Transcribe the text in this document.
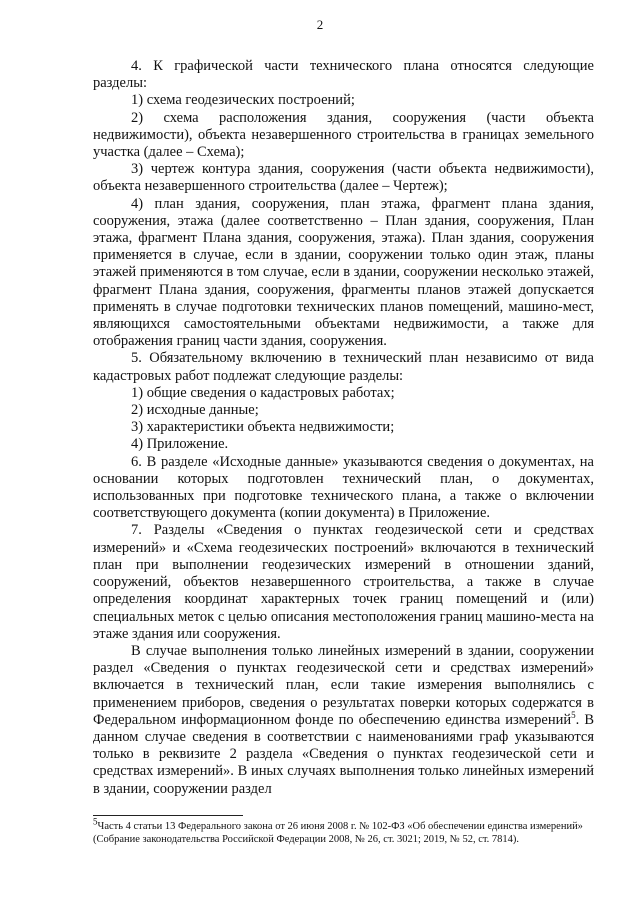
2

4. К графической части технического плана относятся следующие разделы:

1) схема геодезических построений;

2) схема расположения здания, сооружения (части объекта недвижимости), объекта незавершенного строительства в границах земельного участка (далее – Схема);

3) чертеж контура здания, сооружения (части объекта недвижимости), объекта незавершенного строительства (далее – Чертеж);

4) план здания, сооружения, план этажа, фрагмент плана здания, сооружения, этажа (далее соответственно – План здания, сооружения, План этажа, фрагмент Плана здания, сооружения, этажа). План здания, сооружения применяется в случае, если в здании, сооружении только один этаж, планы этажей применяются в том случае, если в здании, сооружении несколько этажей, фрагмент Плана здания, сооружения, фрагменты планов этажей допускается применять в случае подготовки технических планов помещений, машино-мест, являющихся самостоятельными объектами недвижимости, а также для отображения границ части здания, сооружения.

5. Обязательному включению в технический план независимо от вида кадастровых работ подлежат следующие разделы:

1) общие сведения о кадастровых работах;

2) исходные данные;

3) характеристики объекта недвижимости;

4) Приложение.

6. В разделе «Исходные данные» указываются сведения о документах, на основании которых подготовлен технический план, о документах, использованных при подготовке технического плана, а также о включении соответствующего документа (копии документа) в Приложение.

7. Разделы «Сведения о пунктах геодезической сети и средствах измерений» и «Схема геодезических построений» включаются в технический план при выполнении геодезических измерений в отношении зданий, сооружений, объектов незавершенного строительства, а также в случае определения координат характерных точек границ помещений и (или) специальных меток с целью описания местоположения границ машино-места на этаже здания или сооружения.

В случае выполнения только линейных измерений в здании, сооружении раздел «Сведения о пунктах геодезической сети и средствах измерений» включается в технический план, если такие измерения выполнялись с применением приборов, сведения о результатах поверки которых содержатся в Федеральном информационном фонде по обеспечению единства измерений$^5$. В данном случае сведения в соответствии с наименованиями граф указываются только в реквизите 2 раздела «Сведения о пунктах геодезической сети и средствах измерений». В иных случаях выполнения только линейных измерений в здании, сооружении раздел

5Часть 4 статьи 13 Федерального закона от 26 июня 2008 г. № 102-ФЗ «Об обеспечении единства измерений» (Собрание законодательства Российской Федерации 2008, № 26, ст. 3021; 2019, № 52, ст. 7814).
